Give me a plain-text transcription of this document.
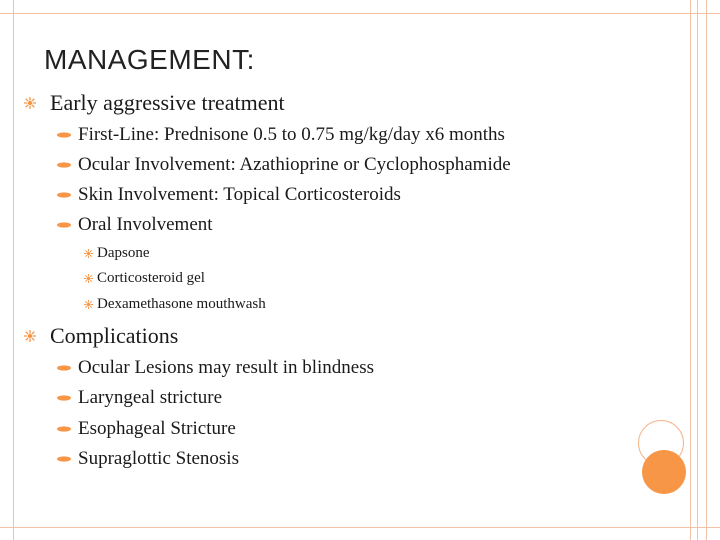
MANAGEMENT:
Early aggressive treatment
First-Line: Prednisone 0.5 to 0.75 mg/kg/day x6 months
Ocular Involvement: Azathioprine or Cyclophosphamide
Skin Involvement: Topical Corticosteroids
Oral Involvement
Dapsone
Corticosteroid gel
Dexamethasone mouthwash
Complications
Ocular Lesions may result in blindness
Laryngeal stricture
Esophageal Stricture
Supraglottic Stenosis
